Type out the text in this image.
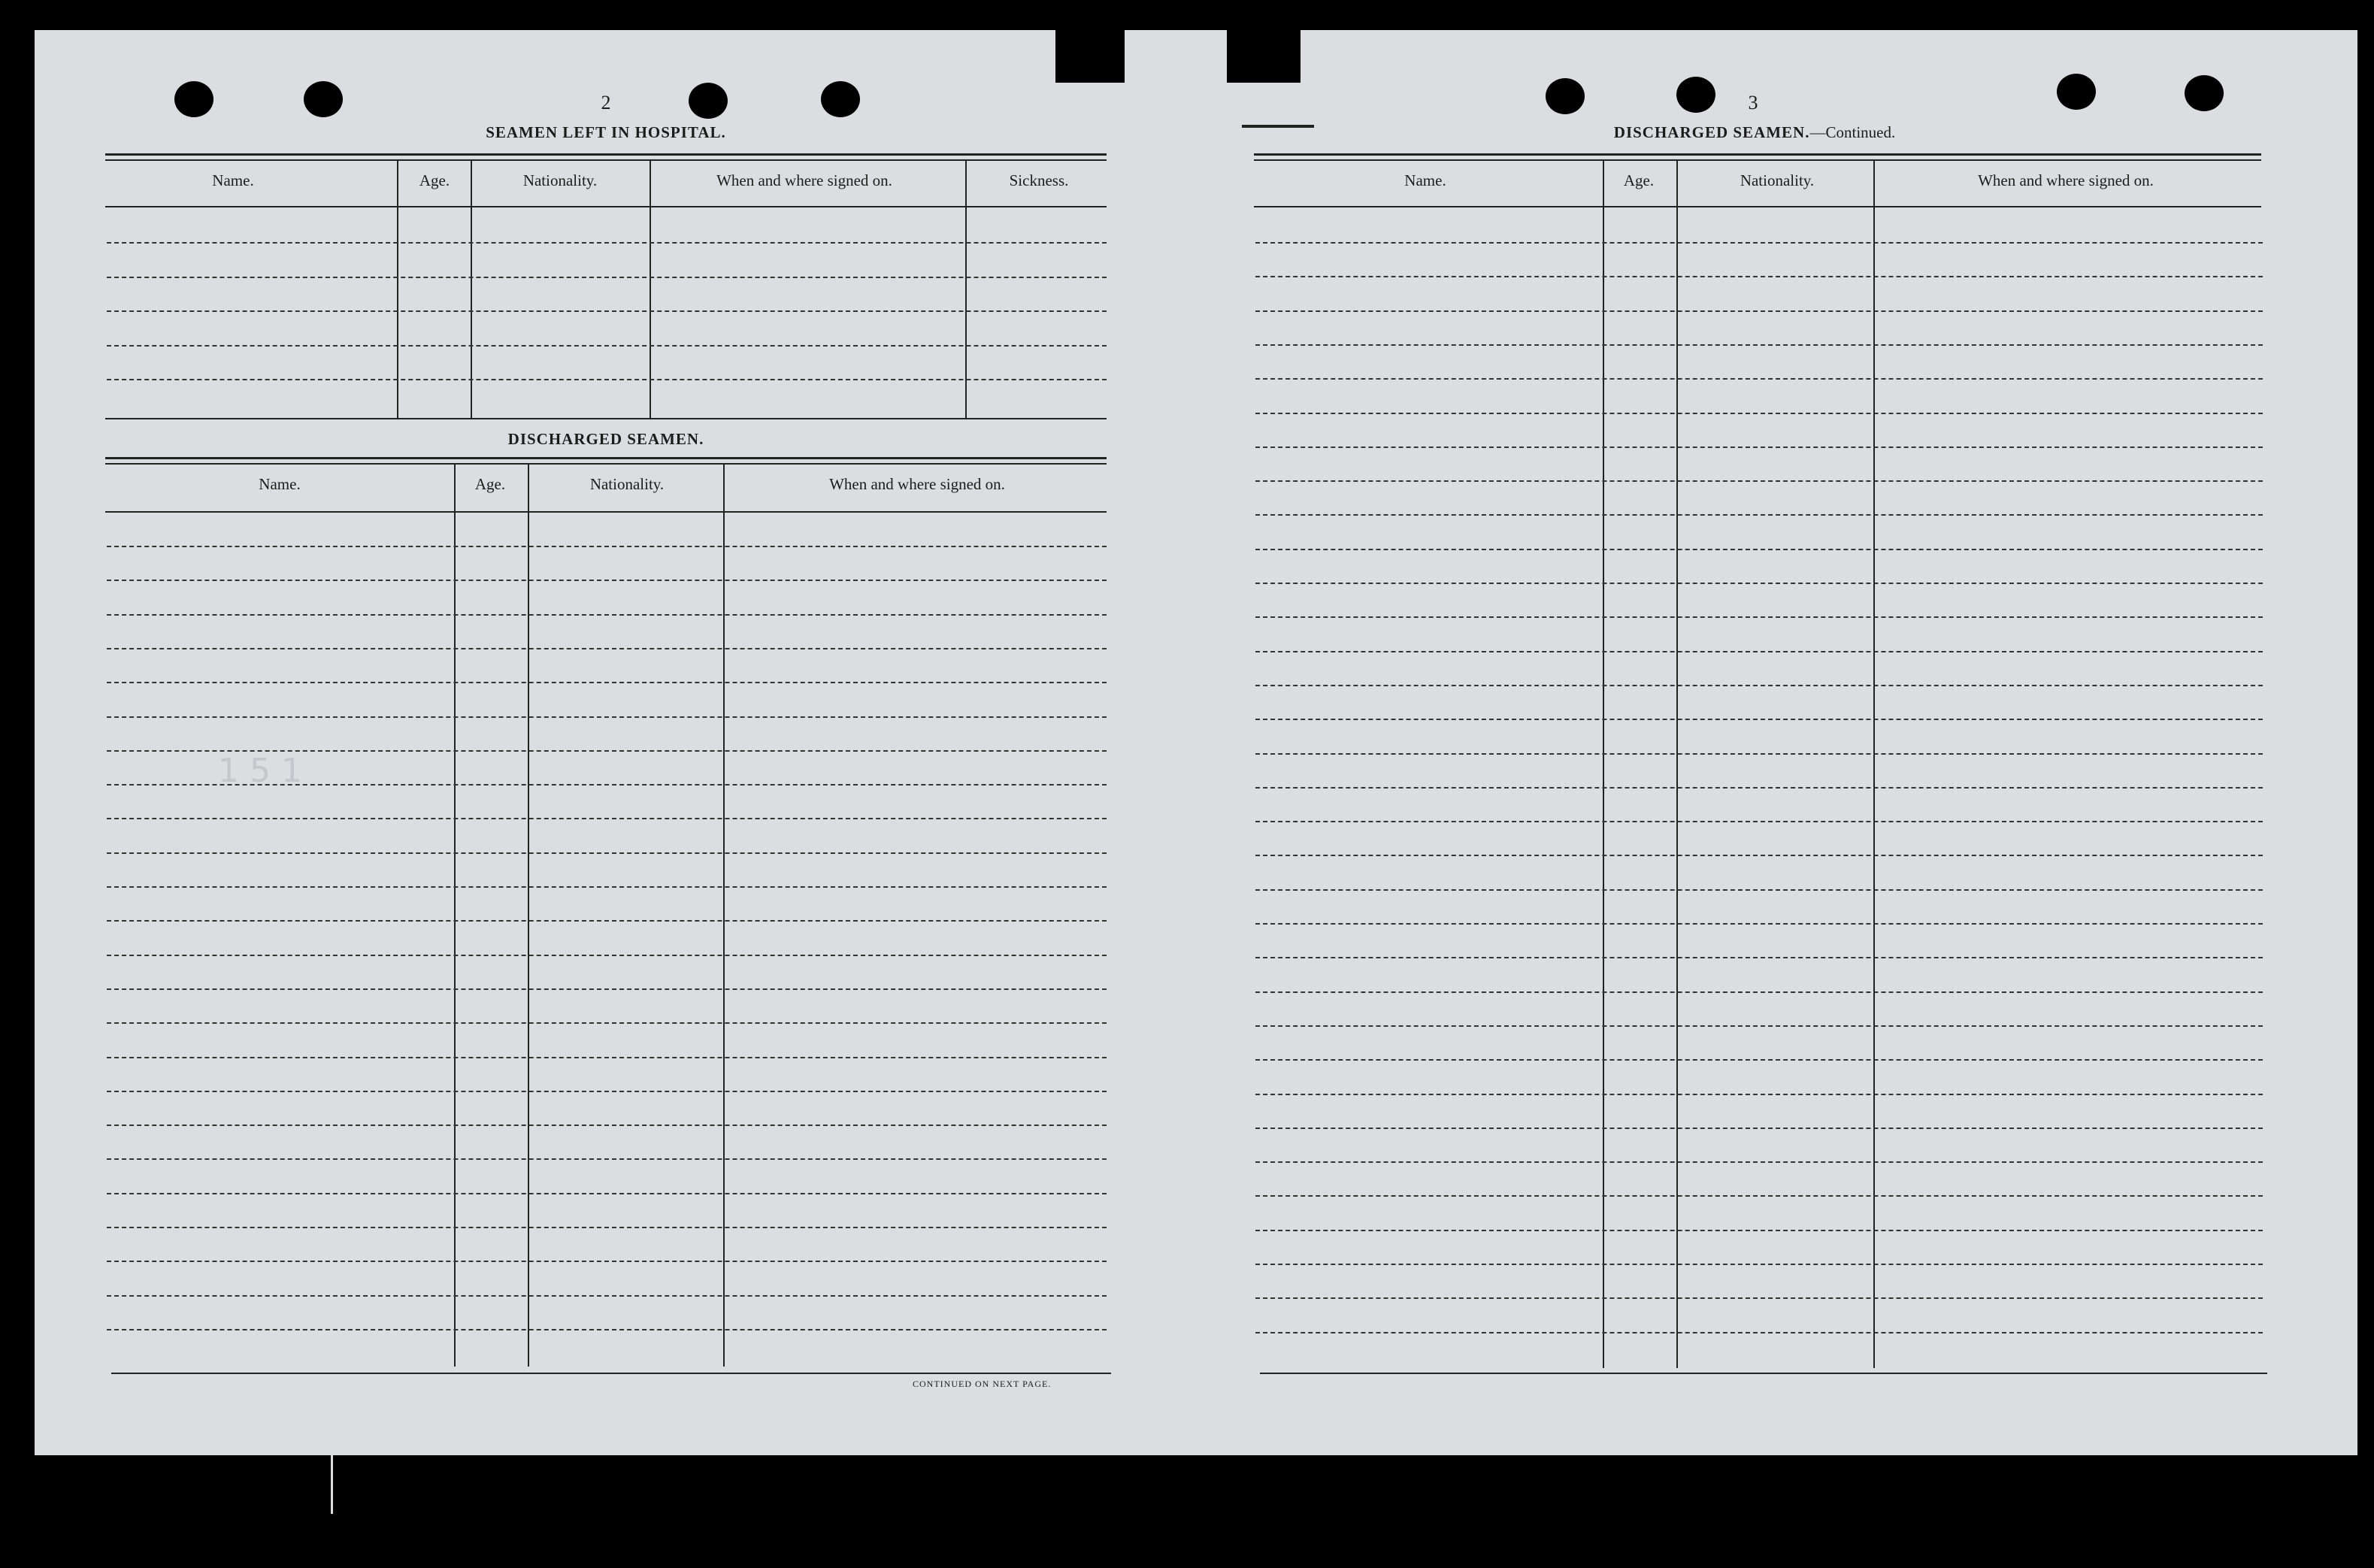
2
SEAMEN LEFT IN HOSPITAL.
Name.	Age.	Nationality.	When and where signed on.	Sickness.
DISCHARGED SEAMEN.
Name.	Age.	Nationality.	When and where signed on.
CONTINUED ON NEXT PAGE.
1 5 1
3
DISCHARGED SEAMEN.—Continued.
Name.	Age.	Nationality.	When and where signed on.
